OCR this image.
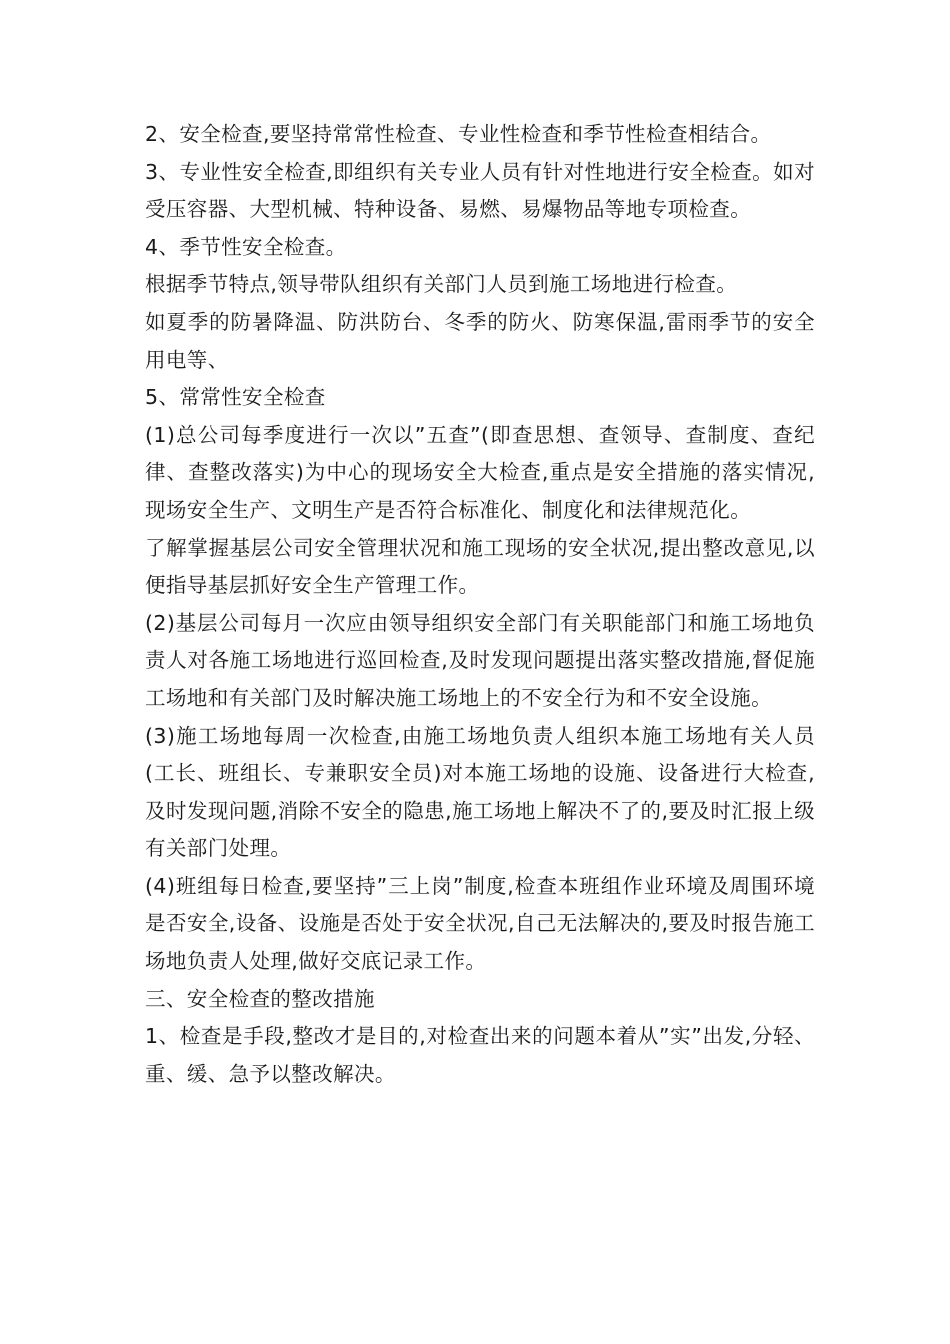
2、安全检查,要坚持常常性检查、专业性检查和季节性检查相结合。

3、专业性安全检查,即组织有关专业人员有针对性地进行安全检查。如对受压容器、大型机械、特种设备、易燃、易爆物品等地专项检查。

4、季节性安全检查。

根据季节特点,领导带队组织有关部门人员到施工场地进行检查。

如夏季的防暑降温、防洪防台、冬季的防火、防寒保温,雷雨季节的安全用电等、

5、常常性安全检查

(1)总公司每季度进行一次以”五查”(即查思想、查领导、查制度、查纪律、查整改落实)为中心的现场安全大检查,重点是安全措施的落实情况,现场安全生产、文明生产是否符合标准化、制度化和法律规范化。

了解掌握基层公司安全管理状况和施工现场的安全状况,提出整改意见,以便指导基层抓好安全生产管理工作。

(2)基层公司每月一次应由领导组织安全部门有关职能部门和施工场地负责人对各施工场地进行巡回检查,及时发现问题提出落实整改措施,督促施工场地和有关部门及时解决施工场地上的不安全行为和不安全设施。

(3)施工场地每周一次检查,由施工场地负责人组织本施工场地有关人员(工长、班组长、专兼职安全员)对本施工场地的设施、设备进行大检查,及时发现问题,消除不安全的隐患,施工场地上解决不了的,要及时汇报上级有关部门处理。

(4)班组每日检查,要坚持”三上岗”制度,检查本班组作业环境及周围环境是否安全,设备、设施是否处于安全状况,自己无法解决的,要及时报告施工场地负责人处理,做好交底记录工作。

三、安全检查的整改措施

1、检查是手段,整改才是目的,对检查出来的问题本着从”实”出发,分轻、重、缓、急予以整改解决。
